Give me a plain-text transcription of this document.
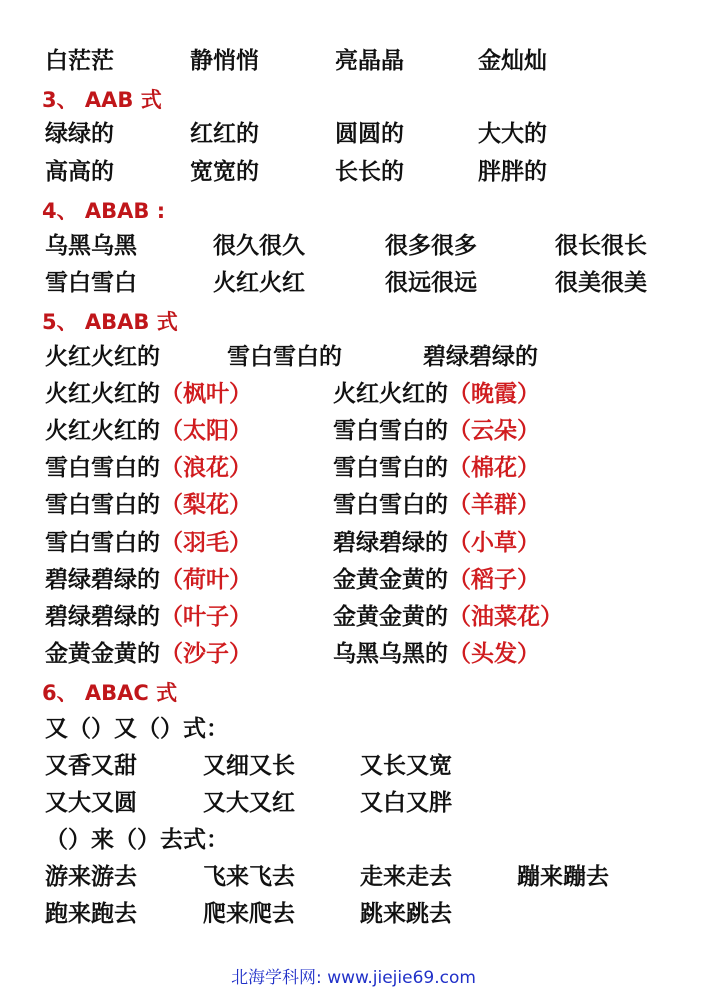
白茫茫	静悄悄	亮晶晶	金灿灿
3、 AAB 式
绿绿的	红红的	圆圆的	大大的
高高的	宽宽的	长长的	胖胖的
4、 ABAB :
乌黑乌黑	很久很久	很多很多	很长很长
雪白雪白	火红火红	很远很远	很美很美
5、 ABAB 式
火红火红的	雪白雪白的	碧绿碧绿的
火红火红的（枫叶）	火红火红的（晚霞）
火红火红的（太阳）	雪白雪白的（云朵）
雪白雪白的（浪花）	雪白雪白的（棉花）
雪白雪白的（梨花）	雪白雪白的（羊群）
雪白雪白的（羽毛）	碧绿碧绿的（小草）
碧绿碧绿的（荷叶）	金黄金黄的（稻子）
碧绿碧绿的（叶子）	金黄金黄的（油菜花）
金黄金黄的（沙子）	乌黑乌黑的（头发）
6、 ABAC 式
又（）又（）式：
又香又甜	又细又长	又长又宽
又大又圆	又大又红	又白又胖
（）来（）去式：
游来游去	飞来飞去	走来走去	蹦来蹦去
跑来跑去	爬来爬去	跳来跳去
北海学科网: www.jiejie69.com
